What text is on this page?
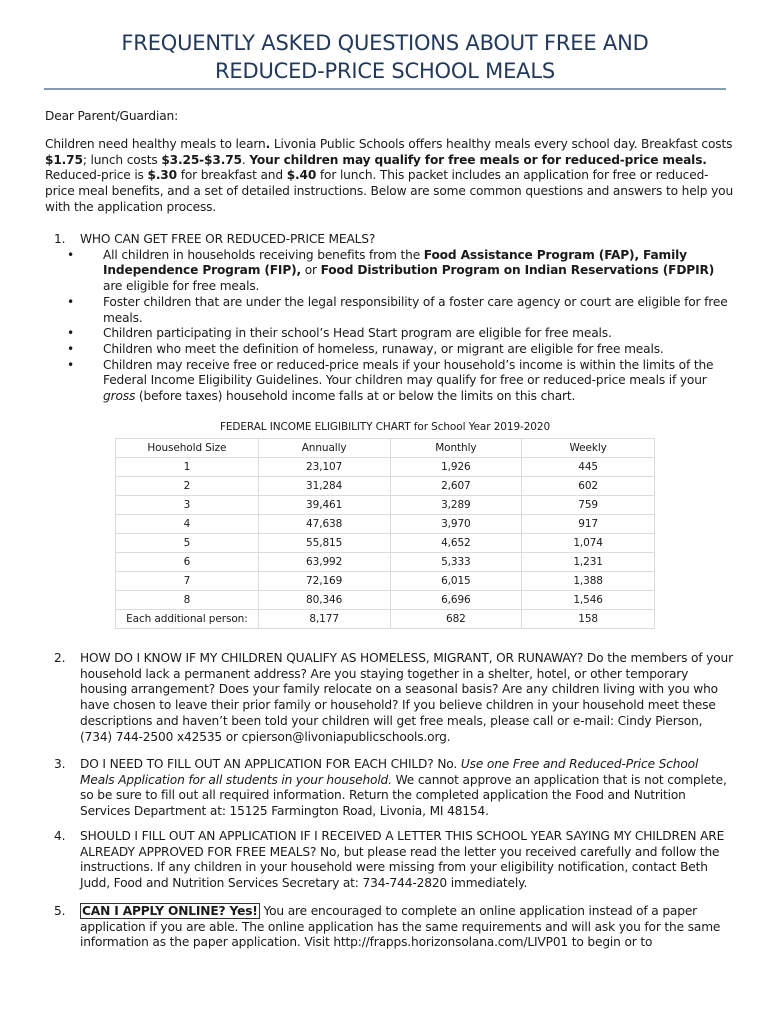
FREQUENTLY ASKED QUESTIONS ABOUT FREE AND
REDUCED-PRICE SCHOOL MEALS
Dear Parent/Guardian:
Children need healthy meals to learn. Livonia Public Schools offers healthy meals every school day. Breakfast costs $1.75; lunch costs $3.25-$3.75. Your children may qualify for free meals or for reduced-price meals. Reduced-price is $.30 for breakfast and $.40 for lunch. This packet includes an application for free or reduced-price meal benefits, and a set of detailed instructions. Below are some common questions and answers to help you with the application process.
1. WHO CAN GET FREE OR REDUCED-PRICE MEALS?
• All children in households receiving benefits from the Food Assistance Program (FAP), Family Independence Program (FIP), or Food Distribution Program on Indian Reservations (FDPIR) are eligible for free meals.
• Foster children that are under the legal responsibility of a foster care agency or court are eligible for free meals.
• Children participating in their school’s Head Start program are eligible for free meals.
• Children who meet the definition of homeless, runaway, or migrant are eligible for free meals.
• Children may receive free or reduced-price meals if your household’s income is within the limits of the Federal Income Eligibility Guidelines. Your children may qualify for free or reduced-price meals if your gross (before taxes) household income falls at or below the limits on this chart.
FEDERAL INCOME ELIGIBILITY CHART for School Year 2019-2020
Household Size	Annually	Monthly	Weekly
1	23,107	1,926	445
2	31,284	2,607	602
3	39,461	3,289	759
4	47,638	3,970	917
5	55,815	4,652	1,074
6	63,992	5,333	1,231
7	72,169	6,015	1,388
8	80,346	6,696	1,546
Each additional person:	8,177	682	158
2. HOW DO I KNOW IF MY CHILDREN QUALIFY AS HOMELESS, MIGRANT, OR RUNAWAY? Do the members of your household lack a permanent address? Are you staying together in a shelter, hotel, or other temporary housing arrangement? Does your family relocate on a seasonal basis? Are any children living with you who have chosen to leave their prior family or household? If you believe children in your household meet these descriptions and haven’t been told your children will get free meals, please call or e-mail: Cindy Pierson, (734) 744-2500 x42535 or cpierson@livoniapublicschools.org.
3. DO I NEED TO FILL OUT AN APPLICATION FOR EACH CHILD? No. Use one Free and Reduced-Price School Meals Application for all students in your household. We cannot approve an application that is not complete, so be sure to fill out all required information. Return the completed application the Food and Nutrition Services Department at: 15125 Farmington Road, Livonia, MI 48154.
4. SHOULD I FILL OUT AN APPLICATION IF I RECEIVED A LETTER THIS SCHOOL YEAR SAYING MY CHILDREN ARE ALREADY APPROVED FOR FREE MEALS? No, but please read the letter you received carefully and follow the instructions. If any children in your household were missing from your eligibility notification, contact Beth Judd, Food and Nutrition Services Secretary at: 734-744-2820 immediately.
5. CAN I APPLY ONLINE? Yes! You are encouraged to complete an online application instead of a paper application if you are able. The online application has the same requirements and will ask you for the same information as the paper application. Visit http://frapps.horizonsolana.com/LIVP01 to begin or to
